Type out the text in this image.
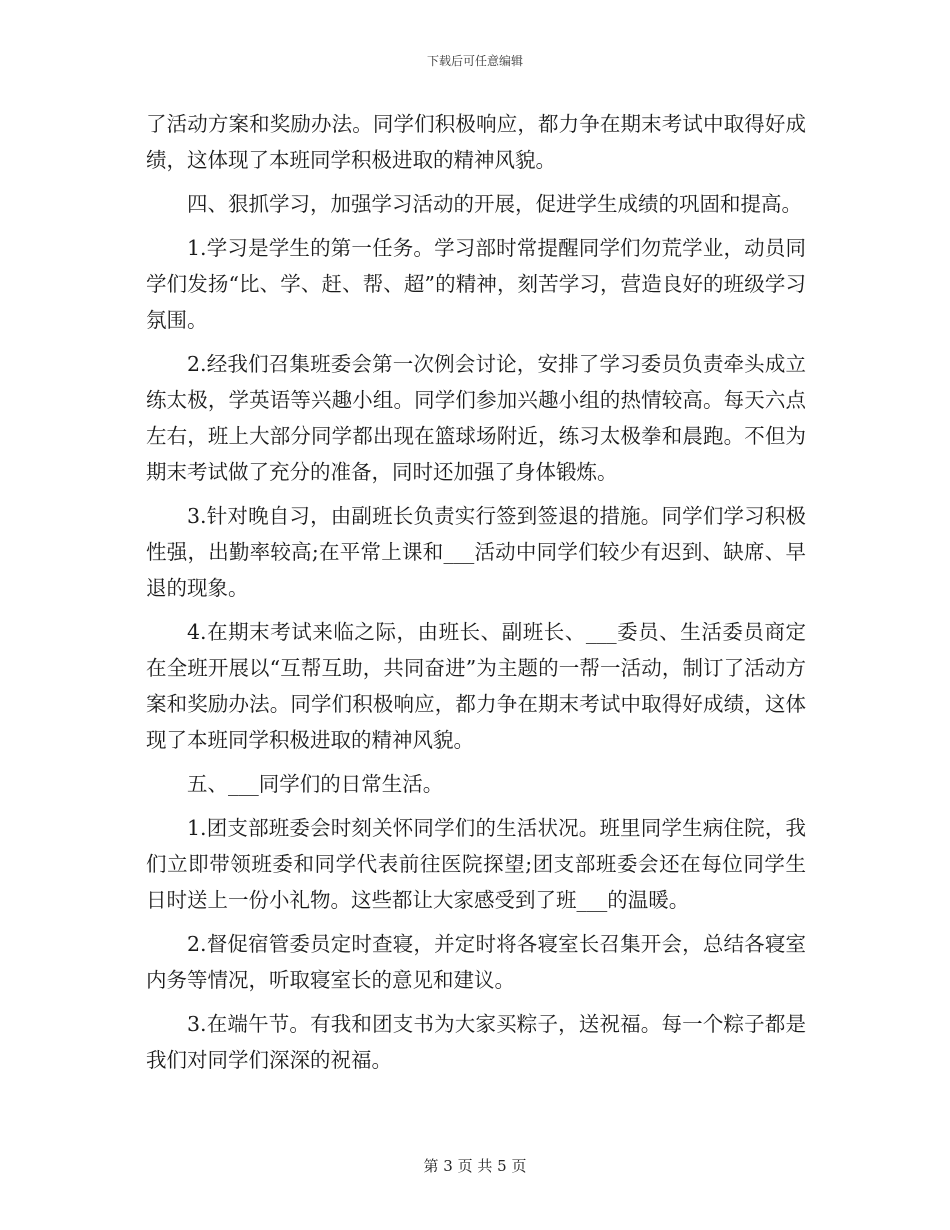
下载后可任意编辑

了活动方案和奖励办法。同学们积极响应，都力争在期末考试中取得好成绩，这体现了本班同学积极进取的精神风貌。

四、狠抓学习，加强学习活动的开展，促进学生成绩的巩固和提高。

1.学习是学生的第一任务。学习部时常提醒同学们勿荒学业，动员同学们发扬“比、学、赶、帮、超”的精神，刻苦学习，营造良好的班级学习氛围。

2.经我们召集班委会第一次例会讨论，安排了学习委员负责牵头成立练太极，学英语等兴趣小组。同学们参加兴趣小组的热情较高。每天六点左右，班上大部分同学都出现在篮球场附近，练习太极拳和晨跑。不但为期末考试做了充分的准备，同时还加强了身体锻炼。

3.针对晚自习，由副班长负责实行签到签退的措施。同学们学习积极性强，出勤率较高;在平常上课和___活动中同学们较少有迟到、缺席、早退的现象。

4.在期末考试来临之际，由班长、副班长、___委员、生活委员商定在全班开展以“互帮互助，共同奋进”为主题的一帮一活动，制订了活动方案和奖励办法。同学们积极响应，都力争在期末考试中取得好成绩，这体现了本班同学积极进取的精神风貌。

五、___同学们的日常生活。

1.团支部班委会时刻关怀同学们的生活状况。班里同学生病住院，我们立即带领班委和同学代表前往医院探望;团支部班委会还在每位同学生日时送上一份小礼物。这些都让大家感受到了班___的温暖。

2.督促宿管委员定时查寝，并定时将各寝室长召集开会，总结各寝室内务等情况，听取寝室长的意见和建议。

3.在端午节。有我和团支书为大家买粽子，送祝福。每一个粽子都是我们对同学们深深的祝福。

第 3 页 共 5 页
